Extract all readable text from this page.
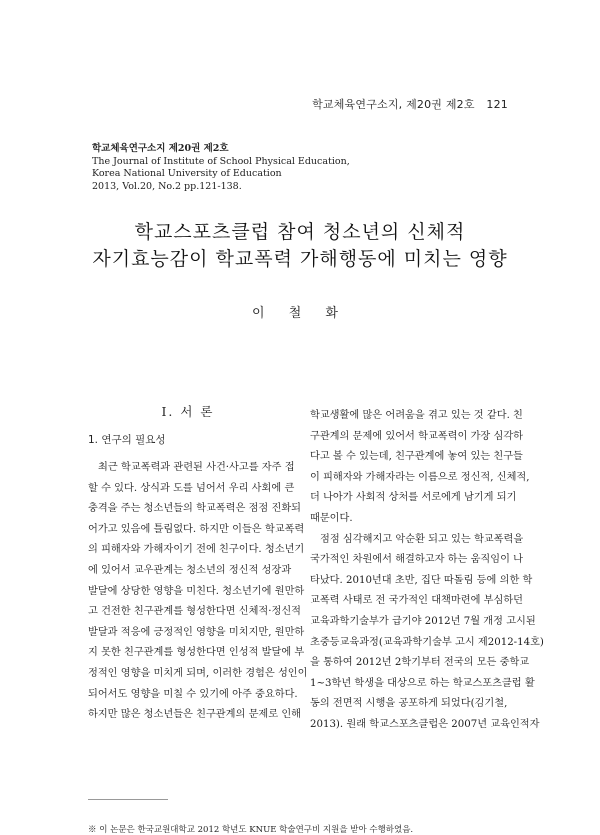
학교체육연구소지, 제20권 제2호 121
학교체육연구소지 제20권 제2호
The Journal of Institute of School Physical Education,
Korea National University of Education
2013, Vol.20, No.2 pp.121-138.
학교스포츠클럽 참여 청소년의 신체적
자기효능감이 학교폭력 가해행동에 미치는 영향
이 철 화
Ⅰ. 서 론
1. 연구의 필요성
최근 학교폭력과 관련된 사건·사고를 자주 접
할 수 있다. 상식과 도를 넘어서 우리 사회에 큰
충격을 주는 청소년들의 학교폭력은 점점 진화되
어가고 있음에 틀림없다. 하지만 이들은 학교폭력
의 피해자와 가해자이기 전에 친구이다. 청소년기
에 있어서 교우관계는 청소년의 정신적 성장과
발달에 상당한 영향을 미친다. 청소년기에 원만하
고 건전한 친구관계를 형성한다면 신체적·정신적
발달과 적응에 긍정적인 영향을 미치지만, 원만하
지 못한 친구관계를 형성한다면 인성적 발달에 부
정적인 영향을 미치게 되며, 이러한 경험은 성인이
되어서도 영향을 미칠 수 있기에 아주 중요하다.
하지만 많은 청소년들은 친구관계의 문제로 인해
학교생활에 많은 어려움을 겪고 있는 것 같다. 친
구관계의 문제에 있어서 학교폭력이 가장 심각하
다고 볼 수 있는데, 친구관계에 놓여 있는 친구들
이 피해자와 가해자라는 이름으로 정신적, 신체적,
더 나아가 사회적 상처를 서로에게 남기게 되기
때문이다.
점점 심각해지고 악순환 되고 있는 학교폭력을
국가적인 차원에서 해결하고자 하는 움직임이 나
타났다. 2010년대 초반, 집단 따돌림 등에 의한 학
교폭력 사태로 전 국가적인 대책마련에 부심하던
교육과학기술부가 급기야 2012년 7월 개정 고시된
초중등교육과정(교육과학기술부 고시 제2012-14호)
을 통하여 2012년 2학기부터 전국의 모든 중학교
1~3학년 학생을 대상으로 하는 학교스포츠클럽 활
동의 전면적 시행을 공포하게 되었다(김기철,
2013). 원래 학교스포츠클럽은 2007년 교육인적자
※ 이 논문은 한국교원대학교 2012 학년도 KNUE 학술연구비 지원을 받아 수행하였음.
